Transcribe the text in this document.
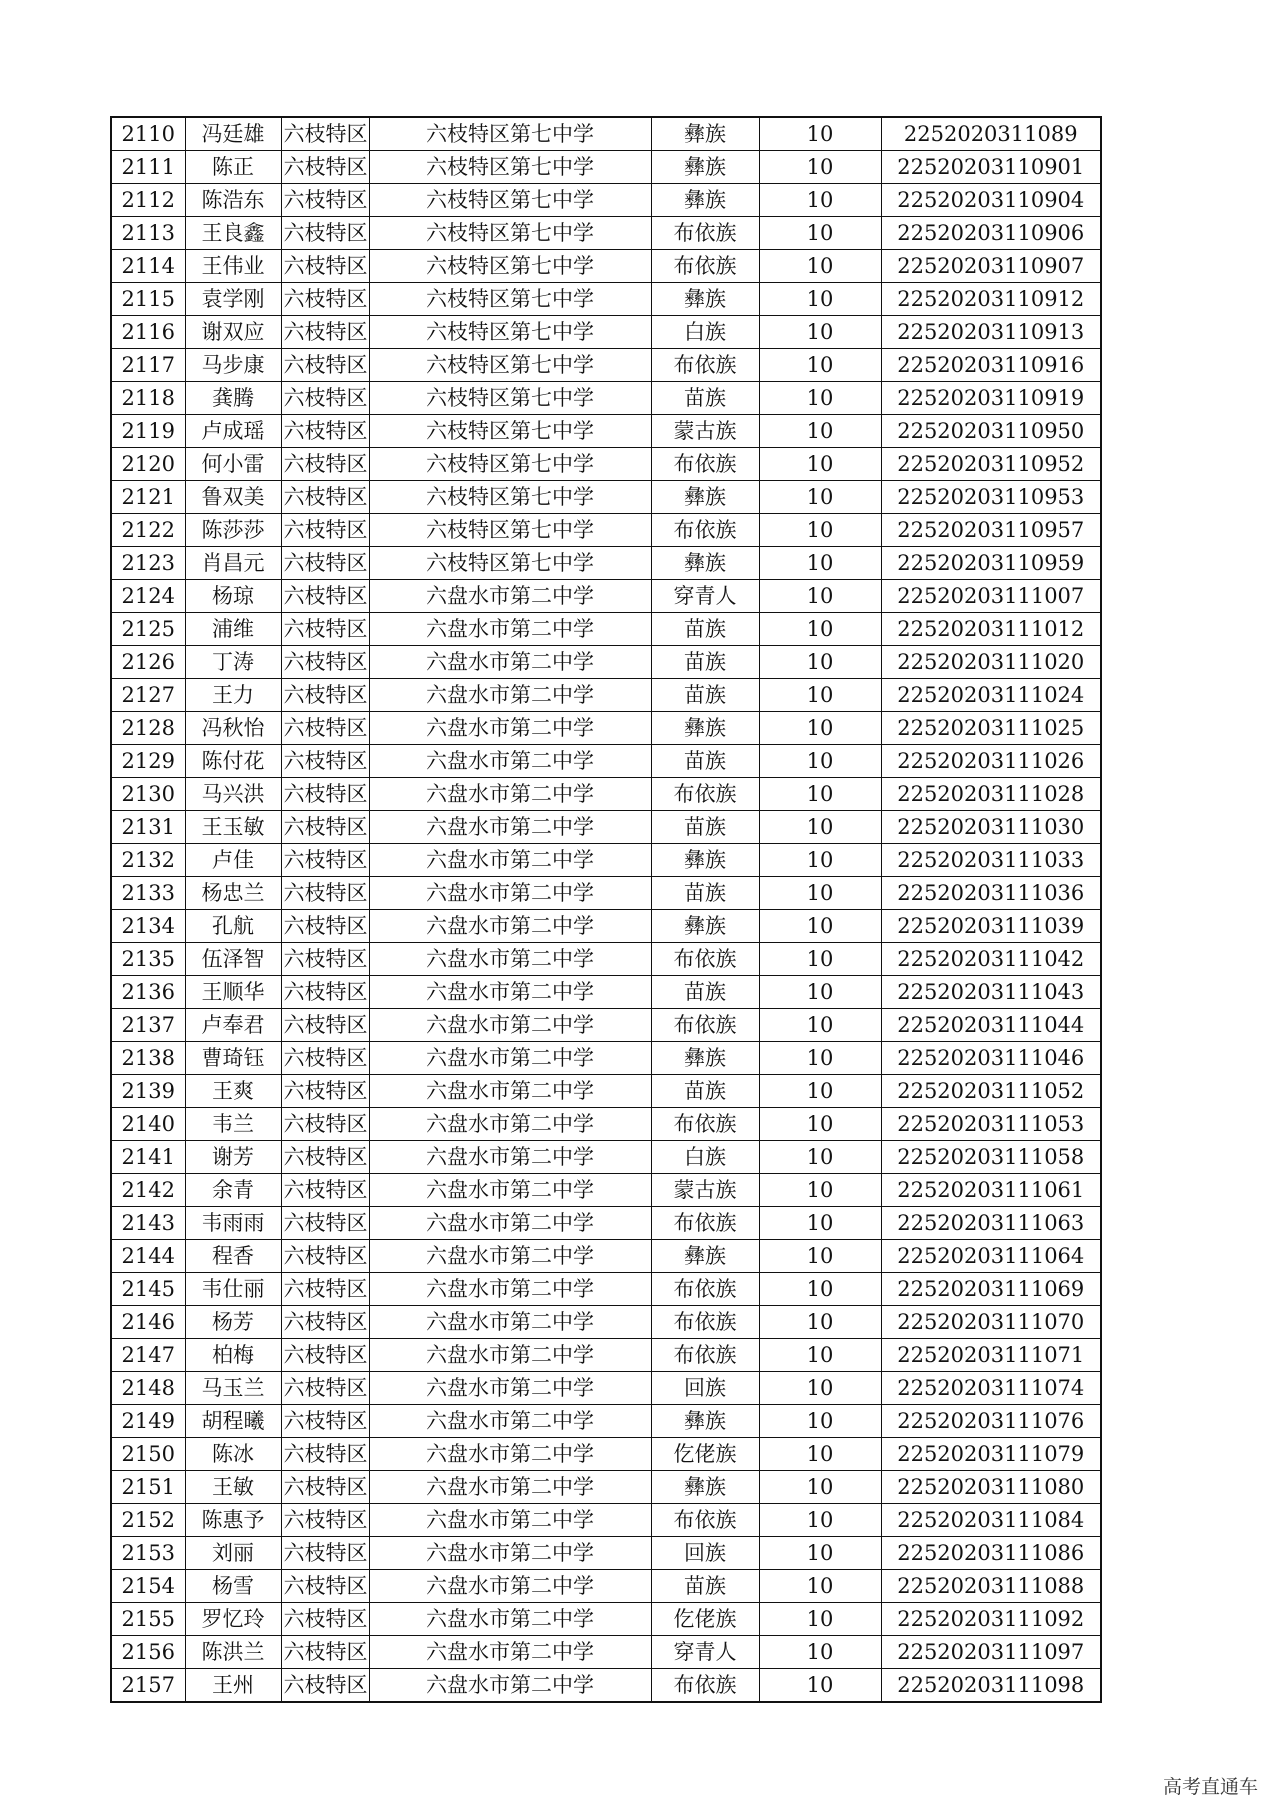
2110	冯廷雄	六枝特区	六枝特区第七中学	彝族	10	2252020311089
2111	陈正	六枝特区	六枝特区第七中学	彝族	10	22520203110901
2112	陈浩东	六枝特区	六枝特区第七中学	彝族	10	22520203110904
2113	王良鑫	六枝特区	六枝特区第七中学	布依族	10	22520203110906
2114	王伟业	六枝特区	六枝特区第七中学	布依族	10	22520203110907
2115	袁学刚	六枝特区	六枝特区第七中学	彝族	10	22520203110912
2116	谢双应	六枝特区	六枝特区第七中学	白族	10	22520203110913
2117	马步康	六枝特区	六枝特区第七中学	布依族	10	22520203110916
2118	龚腾	六枝特区	六枝特区第七中学	苗族	10	22520203110919
2119	卢成瑶	六枝特区	六枝特区第七中学	蒙古族	10	22520203110950
2120	何小雷	六枝特区	六枝特区第七中学	布依族	10	22520203110952
2121	鲁双美	六枝特区	六枝特区第七中学	彝族	10	22520203110953
2122	陈莎莎	六枝特区	六枝特区第七中学	布依族	10	22520203110957
2123	肖昌元	六枝特区	六枝特区第七中学	彝族	10	22520203110959
2124	杨琼	六枝特区	六盘水市第二中学	穿青人	10	22520203111007
2125	浦维	六枝特区	六盘水市第二中学	苗族	10	22520203111012
2126	丁涛	六枝特区	六盘水市第二中学	苗族	10	22520203111020
2127	王力	六枝特区	六盘水市第二中学	苗族	10	22520203111024
2128	冯秋怡	六枝特区	六盘水市第二中学	彝族	10	22520203111025
2129	陈付花	六枝特区	六盘水市第二中学	苗族	10	22520203111026
2130	马兴洪	六枝特区	六盘水市第二中学	布依族	10	22520203111028
2131	王玉敏	六枝特区	六盘水市第二中学	苗族	10	22520203111030
2132	卢佳	六枝特区	六盘水市第二中学	彝族	10	22520203111033
2133	杨忠兰	六枝特区	六盘水市第二中学	苗族	10	22520203111036
2134	孔航	六枝特区	六盘水市第二中学	彝族	10	22520203111039
2135	伍泽智	六枝特区	六盘水市第二中学	布依族	10	22520203111042
2136	王顺华	六枝特区	六盘水市第二中学	苗族	10	22520203111043
2137	卢奉君	六枝特区	六盘水市第二中学	布依族	10	22520203111044
2138	曹琦钰	六枝特区	六盘水市第二中学	彝族	10	22520203111046
2139	王爽	六枝特区	六盘水市第二中学	苗族	10	22520203111052
2140	韦兰	六枝特区	六盘水市第二中学	布依族	10	22520203111053
2141	谢芳	六枝特区	六盘水市第二中学	白族	10	22520203111058
2142	余青	六枝特区	六盘水市第二中学	蒙古族	10	22520203111061
2143	韦雨雨	六枝特区	六盘水市第二中学	布依族	10	22520203111063
2144	程香	六枝特区	六盘水市第二中学	彝族	10	22520203111064
2145	韦仕丽	六枝特区	六盘水市第二中学	布依族	10	22520203111069
2146	杨芳	六枝特区	六盘水市第二中学	布依族	10	22520203111070
2147	柏梅	六枝特区	六盘水市第二中学	布依族	10	22520203111071
2148	马玉兰	六枝特区	六盘水市第二中学	回族	10	22520203111074
2149	胡程曦	六枝特区	六盘水市第二中学	彝族	10	22520203111076
2150	陈冰	六枝特区	六盘水市第二中学	仡佬族	10	22520203111079
2151	王敏	六枝特区	六盘水市第二中学	彝族	10	22520203111080
2152	陈惠予	六枝特区	六盘水市第二中学	布依族	10	22520203111084
2153	刘丽	六枝特区	六盘水市第二中学	回族	10	22520203111086
2154	杨雪	六枝特区	六盘水市第二中学	苗族	10	22520203111088
2155	罗忆玲	六枝特区	六盘水市第二中学	仡佬族	10	22520203111092
2156	陈洪兰	六枝特区	六盘水市第二中学	穿青人	10	22520203111097
2157	王州	六枝特区	六盘水市第二中学	布依族	10	22520203111098
高考直通车
